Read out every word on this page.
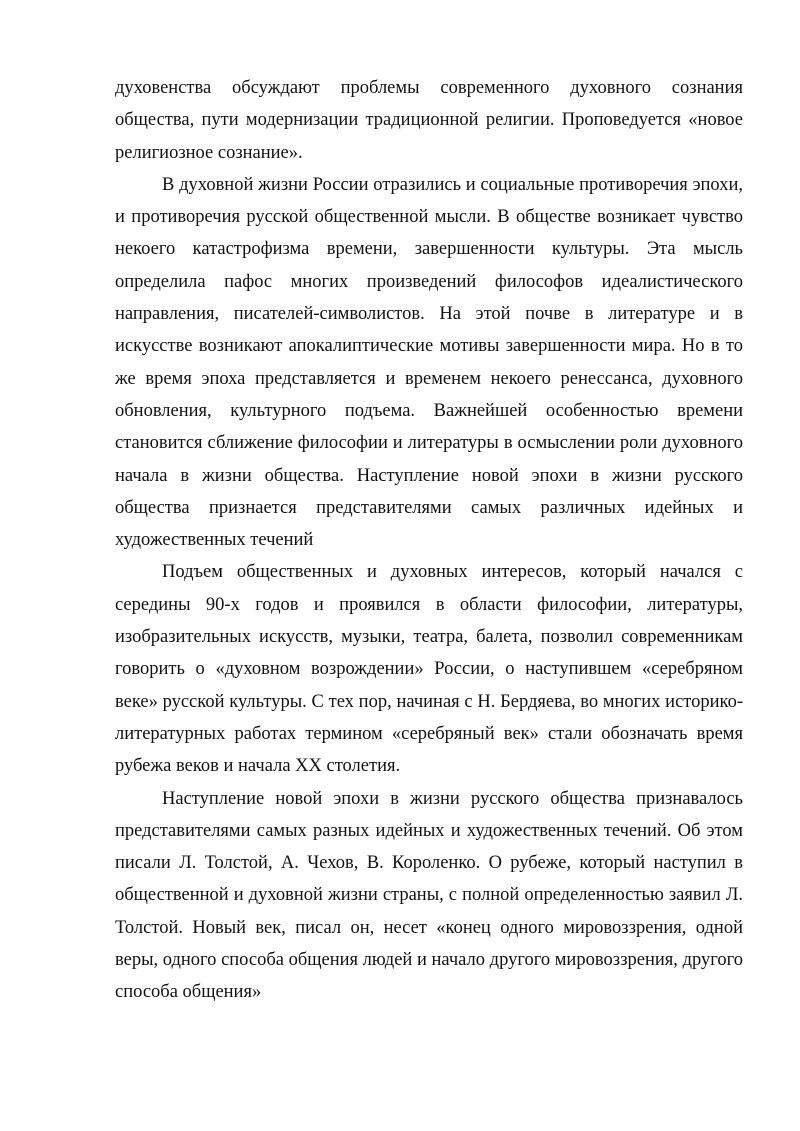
духовенства обсуждают проблемы современного духовного сознания общества, пути модернизации традиционной религии. Проповедуется «новое религиозное сознание».

В духовной жизни России отразились и социальные противоречия эпохи, и противоречия русской общественной мысли. В обществе возникает чувство некоего катастрофизма времени, завершенности культуры. Эта мысль определила пафос многих произведений философов идеалистического направления, писателей-символистов. На этой почве в литературе и в искусстве возникают апокалиптические мотивы завершенности мира. Но в то же время эпоха представляется и временем некоего ренессанса, духовного обновления, культурного подъема. Важнейшей особенностью времени становится сближение философии и литературы в осмыслении роли духовного начала в жизни общества. Наступление новой эпохи в жизни русского общества признается представителями самых различных идейных и художественных течений

Подъем общественных и духовных интересов, который начался с середины 90-х годов и проявился в области философии, литературы, изобразительных искусств, музыки, театра, балета, позволил современникам говорить о «духовном возрождении» России, о наступившем «серебряном веке» русской культуры. С тех пор, начиная с Н. Бердяева, во многих историко-литературных работах термином «серебряный век» стали обозначать время рубежа веков и начала XX столетия.

Наступление новой эпохи в жизни русского общества признавалось представителями самых разных идейных и художественных течений. Об этом писали Л. Толстой, А. Чехов, В. Короленко. О рубеже, который наступил в общественной и духовной жизни страны, с полной определенностью заявил Л. Толстой. Новый век, писал он, несет «конец одного мировоззрения, одной веры, одного способа общения людей и начало другого мировоззрения, другого способа общения»
